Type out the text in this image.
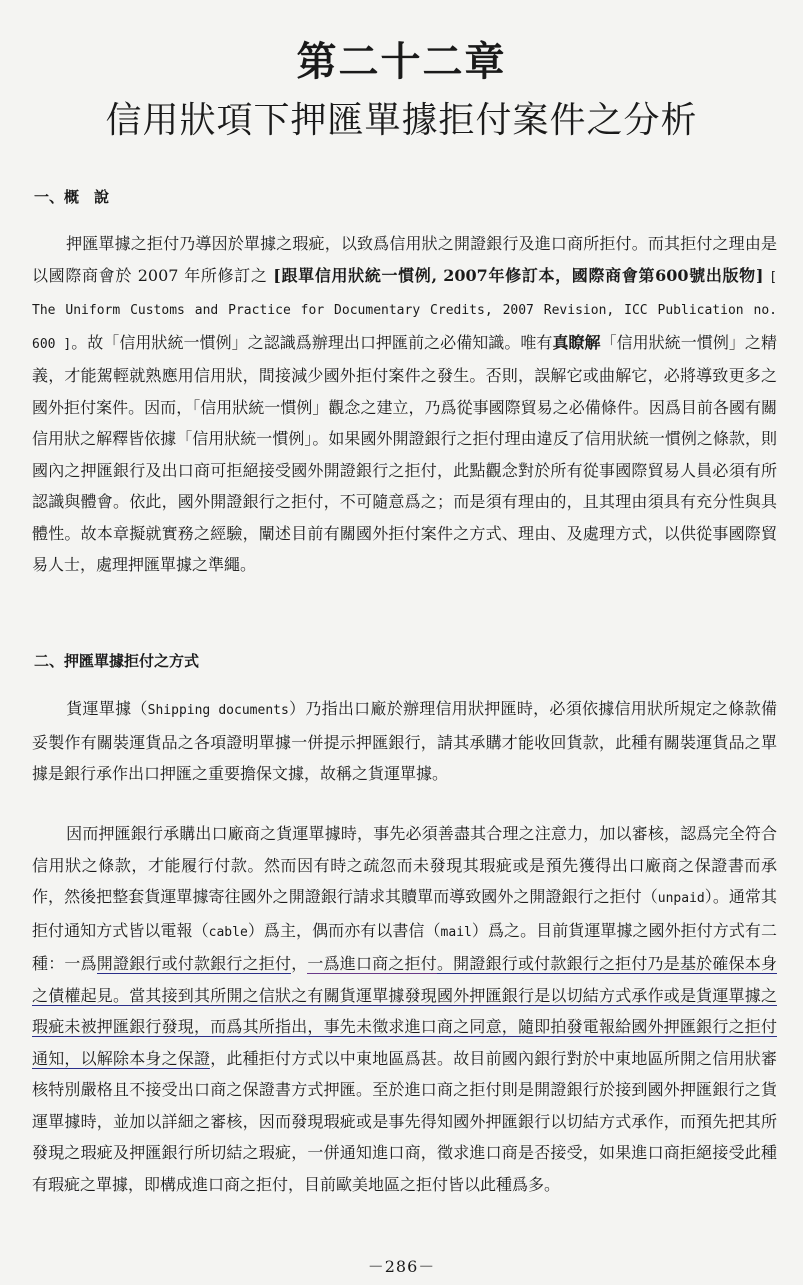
第二十二章
信用狀項下押匯單據拒付案件之分析
一、概　說

押匯單據之拒付乃導因於單據之瑕疵，以致爲信用狀之開證銀行及進口商所拒付。而其拒付之理由是以國際商會於 2007 年所修訂之 [跟單信用狀統一慣例, 2007年修訂本，國際商會第600號出版物] [ The Uniform Customs and Practice for Documentary Credits, 2007 Revision, ICC Publication no. 600 ]。故「信用狀統一慣例」之認識爲辦理出口押匯前之必備知識。唯有真瞭解「信用狀統一慣例」之精義，才能駕輕就熟應用信用狀，間接減少國外拒付案件之發生。否則，誤解它或曲解它，必將導致更多之國外拒付案件。因而，「信用狀統一慣例」觀念之建立，乃爲從事國際貿易之必備條件。因爲目前各國有關信用狀之解釋皆依據「信用狀統一慣例」。如果國外開證銀行之拒付理由違反了信用狀統一慣例之條款，則國內之押匯銀行及出口商可拒絕接受國外開證銀行之拒付，此點觀念對於所有從事國際貿易人員必須有所認識與體會。依此，國外開證銀行之拒付，不可隨意爲之；而是須有理由的，且其理由須具有充分性與具體性。故本章擬就實務之經驗，闡述目前有關國外拒付案件之方式、理由、及處理方式，以供從事國際貿易人士，處理押匯單據之準繩。

二、押匯單據拒付之方式

貨運單據（Shipping documents）乃指出口廠於辦理信用狀押匯時，必須依據信用狀所規定之條款備妥製作有關裝運貨品之各項證明單據一併提示押匯銀行，請其承購才能收回貨款，此種有關裝運貨品之單據是銀行承作出口押匯之重要擔保文據，故稱之貨運單據。

因而押匯銀行承購出口廠商之貨運單據時，事先必須善盡其合理之注意力，加以審核，認爲完全符合信用狀之條款，才能履行付款。然而因有時之疏忽而未發現其瑕疵或是預先獲得出口廠商之保證書而承作，然後把整套貨運單據寄往國外之開證銀行請求其贖單而導致國外之開證銀行之拒付（unpaid）。通常其拒付通知方式皆以電報（cable）爲主，偶而亦有以書信（mail）爲之。目前貨運單據之國外拒付方式有二種：一爲開證銀行或付款銀行之拒付，一爲進口商之拒付。開證銀行或付款銀行之拒付乃是基於確保本身之債權起見。當其接到其所開之信狀之有關貨運單據發現國外押匯銀行是以切結方式承作或是貨運單據之瑕疵未被押匯銀行發現，而爲其所指出，事先未徵求進口商之同意，隨即拍發電報給國外押匯銀行之拒付通知，以解除本身之保證，此種拒付方式以中東地區爲甚。故目前國內銀行對於中東地區所開之信用狀審核特別嚴格且不接受出口商之保證書方式押匯。至於進口商之拒付則是開證銀行於接到國外押匯銀行之貨運單據時，並加以詳細之審核，因而發現瑕疵或是事先得知國外押匯銀行以切結方式承作，而預先把其所發現之瑕疵及押匯銀行所切結之瑕疵，一併通知進口商，徵求進口商是否接受，如果進口商拒絕接受此種有瑕疵之單據，即構成進口商之拒付，目前歐美地區之拒付皆以此種爲多。

－286－
